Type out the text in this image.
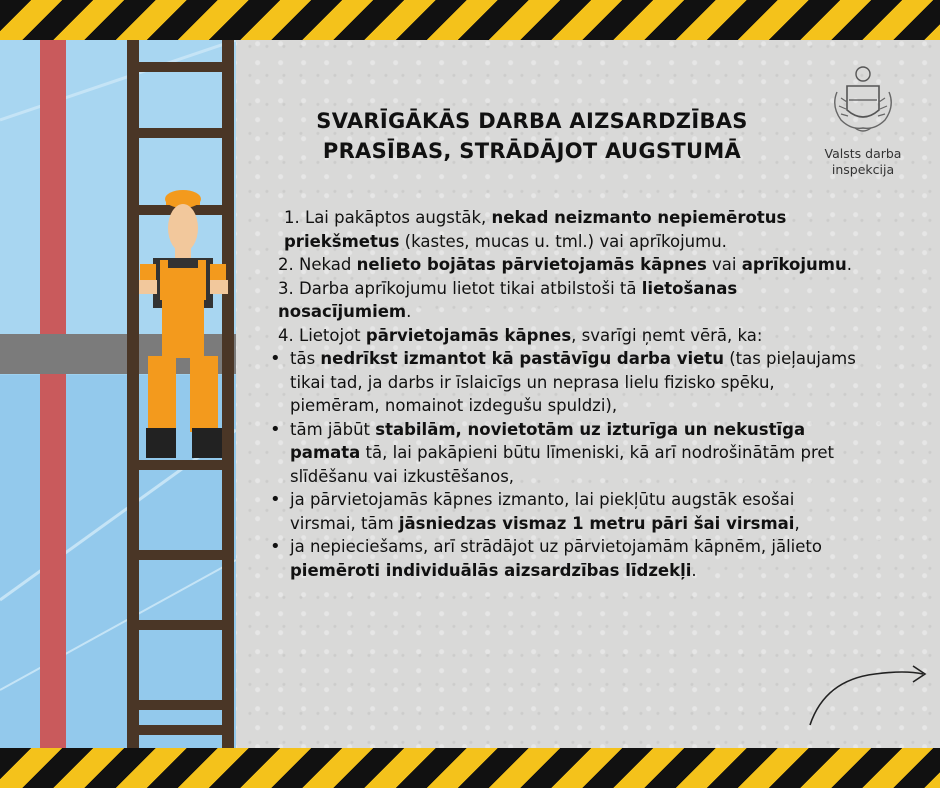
Valsts darba
inspekcija
SVARĪGĀKĀS DARBA AIZSARDZĪBAS
PRASĪBAS, STRĀDĀJOT AUGSTUMĀ
1. Lai pakāptos augstāk, nekad neizmanto nepiemērotus priekšmetus (kastes, mucas u. tml.) vai aprīkojumu.
2. Nekad nelieto bojātas pārvietojamās kāpnes vai aprīkojumu.
3. Darba aprīkojumu lietot tikai atbilstoši tā lietošanas nosacījumiem.
4. Lietojot pārvietojamās kāpnes, svarīgi ņemt vērā, ka:
• tās nedrīkst izmantot kā pastāvīgu darba vietu (tas pieļaujams tikai tad, ja darbs ir īslaicīgs un neprasa lielu fizisko spēku, piemēram, nomainot izdegušu spuldzi),
• tām jābūt stabilām, novietotām uz izturīga un nekustīga pamata tā, lai pakāpieni būtu līmeniski, kā arī nodrošinātām pret slīdēšanu vai izkustēšanos,
• ja pārvietojamās kāpnes izmanto, lai piekļūtu augstāk esošai virsmai, tām jāsniedzas vismaz 1 metru pāri šai virsmai,
• ja nepieciešams, arī strādājot uz pārvietojamām kāpnēm, jālieto piemēroti individuālās aizsardzības līdzekļi.
